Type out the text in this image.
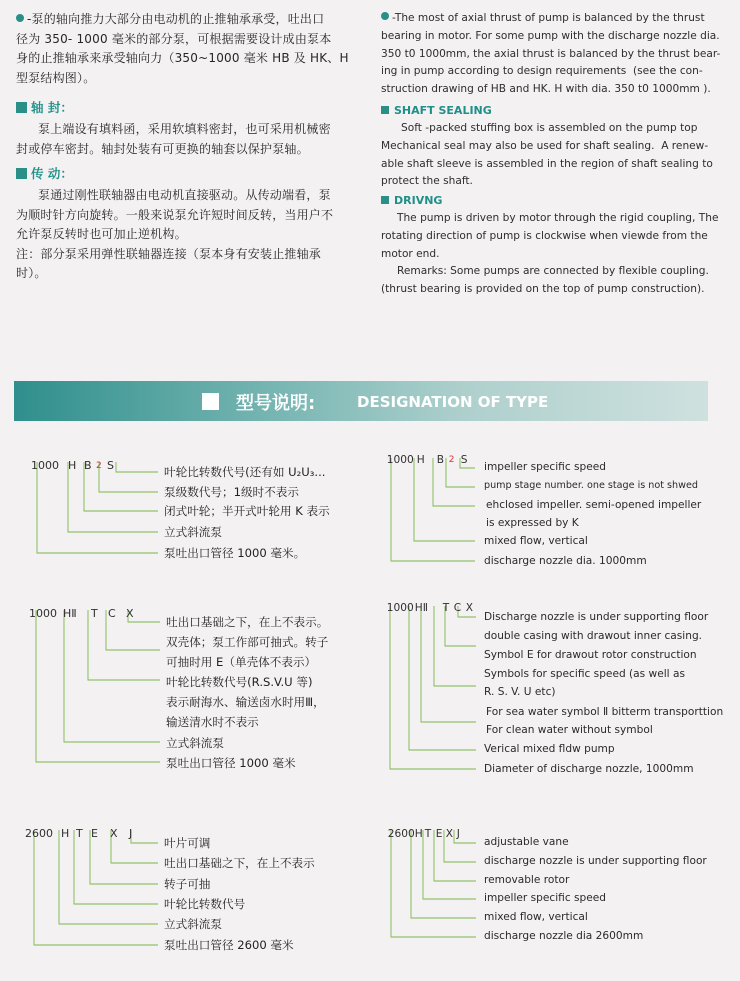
-泵的轴向推力大部分由电动机的止推轴承承受，吐出口
径为 350- 1000 毫米的部分泵，可根据需要设计成由泵本
身的止推轴承来承受轴向力（350~1000 毫米 HB 及 HK、H
型泵结构图）。
轴 封：
泵上端设有填料函，采用软填料密封，也可采用机械密
封或停车密封。轴封处装有可更换的轴套以保护泵轴。
传 动：
泵通过刚性联轴器由电动机直接驱动。从传动端看，泵
为顺时针方向旋转。一般来说泵允许短时间反转，当用户不
允许泵反转时也可加止逆机构。
注：部分泵采用弹性联轴器连接（泵本身有安装止推轴承
时）。
-The most of axial thrust of pump is balanced by the thrust
bearing in motor. For some pump with the discharge nozzle dia.
350 t0 1000mm, the axial thrust is balanced by the thrust bear-
ing in pump according to design requirements  (see the con-
struction drawing of HB and HK. H with dia. 350 t0 1000mm ).
SHAFT SEALING
Soft -packed stuffing box is assembled on the pump top
Mechanical seal may also be used for shaft sealing.  A renew-
able shaft sleeve is assembled in the region of shaft sealing to
protect the shaft.
DRIVNG
The pump is driven by motor through the rigid coupling, The
rotating direction of pump is clockwise when viewde from the
motor end.
Remarks: Some pumps are connected by flexible coupling.
(thrust bearing is provided on the top of pump construction).
型号说明:	DESIGNATION OF TYPE

1000 H B 2 S	叶轮比转数代号(还有如 U₂U₃...
泵级数代号；1级时不表示
闭式叶轮；半开式叶轮用 K 表示
立式斜流泵
泵吐出口管径 1000 毫米。

1000 H B 2 S

impeller specific speed
pump stage number. one stage is not shwed
ehclosed impeller. semi-opened impeller
is expressed by K
mixed flow, vertical
discharge nozzle dia. 1000mm

1000 HⅡ T C X

吐出口基础之下，在上不表示。
双壳体；泵工作部可抽式。转子
可抽时用 E（单壳体不表示）
叶轮比转数代号(R.S.V.U 等)
表示耐海水、输送卤水时用Ⅲ，
输送清水时不表示
立式斜流泵
泵吐出口管径 1000 毫米

1000HⅡ T C X

Discharge nozzle is under supporting floor
double casing with drawout inner casing.
Symbol E for drawout rotor construction
Symbols for specific speed (as well as
R. S. V. U etc)
For sea water symbol Ⅱ bitterm transporttion
For clean water without symbol
Verical mixed fldw pump
Diameter of discharge nozzle, 1000mm

2600 H T E X J

叶片可调
吐出口基础之下，在上不表示
转子可抽
叶轮比转数代号
立式斜流泵
泵吐出口管径 2600 毫米

2600H T E X J

adjustable vane
discharge nozzle is under supporting floor
removable rotor
impeller specific speed
mixed flow, vertical
discharge nozzle dia 2600mm
